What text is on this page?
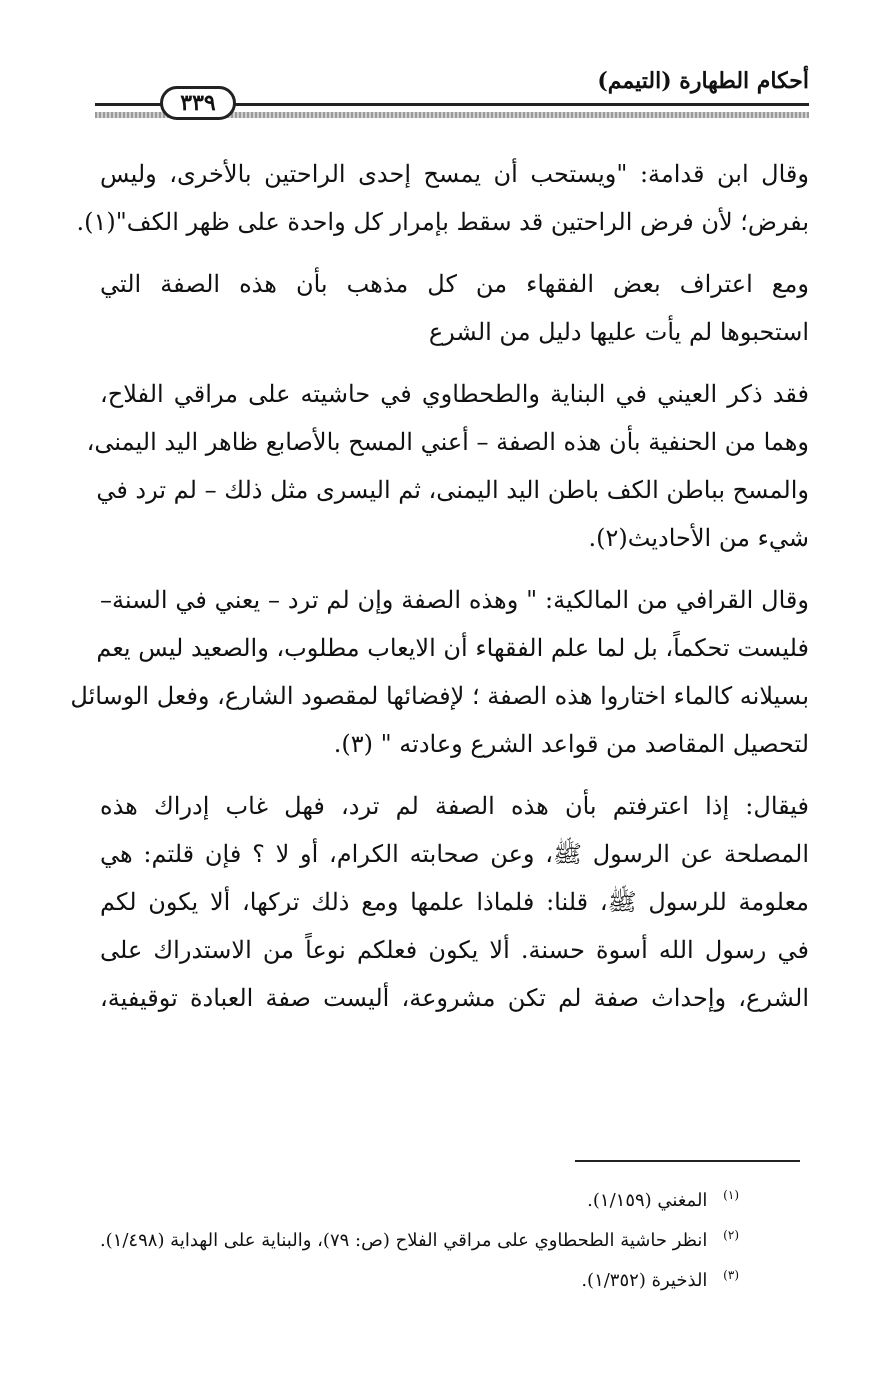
أحكام الطهارة (التيمم)
٣٣٩
وقال ابن قدامة: "ويستحب أن يمسح إحدى الراحتين بالأخرى، وليس
بفرض؛ لأن فرض الراحتين قد سقط بإمرار كل واحدة على ظهر الكف"(١).
ومع اعتراف بعض الفقهاء من كل مذهب بأن هذه الصفة التي
استحبوها لم يأت عليها دليل من الشرع
فقد ذكر العيني في البناية والطحطاوي في حاشيته على مراقي الفلاح،
وهما من الحنفية بأن هذه الصفة – أعني المسح بالأصابع ظاهر اليد اليمنى،
والمسح بباطن الكف باطن اليد اليمنى، ثم اليسرى مثل ذلك – لم ترد في
شيء من الأحاديث(٢).
وقال القرافي من المالكية: " وهذه الصفة وإن لم ترد – يعني في السنة–
فليست تحكماً، بل لما علم الفقهاء أن الايعاب مطلوب، والصعيد ليس يعم
بسيلانه كالماء اختاروا هذه الصفة ؛ لإفضائها لمقصود الشارع، وفعل الوسائل
لتحصيل المقاصد من قواعد الشرع وعادته " (٣).
فيقال: إذا اعترفتم بأن هذه الصفة لم ترد، فهل غاب إدراك هذه
المصلحة عن الرسول ﷺ، وعن صحابته الكرام، أو لا ؟ فإن قلتم: هي
معلومة للرسول ﷺ، قلنا: فلماذا علمها ومع ذلك تركها، ألا يكون لكم
في رسول الله أسوة حسنة. ألا يكون فعلكم نوعاً من الاستدراك على
الشرع، وإحداث صفة لم تكن مشروعة، أليست صفة العبادة توقيفية،
$^{(١)}$ المغني (١/١٥٩).
$^{(٢)}$ انظر حاشية الطحطاوي على مراقي الفلاح (ص: ٧٩)، والبناية على الهداية (١/٤٩٨).
$^{(٣)}$ الذخيرة (١/٣٥٢).
